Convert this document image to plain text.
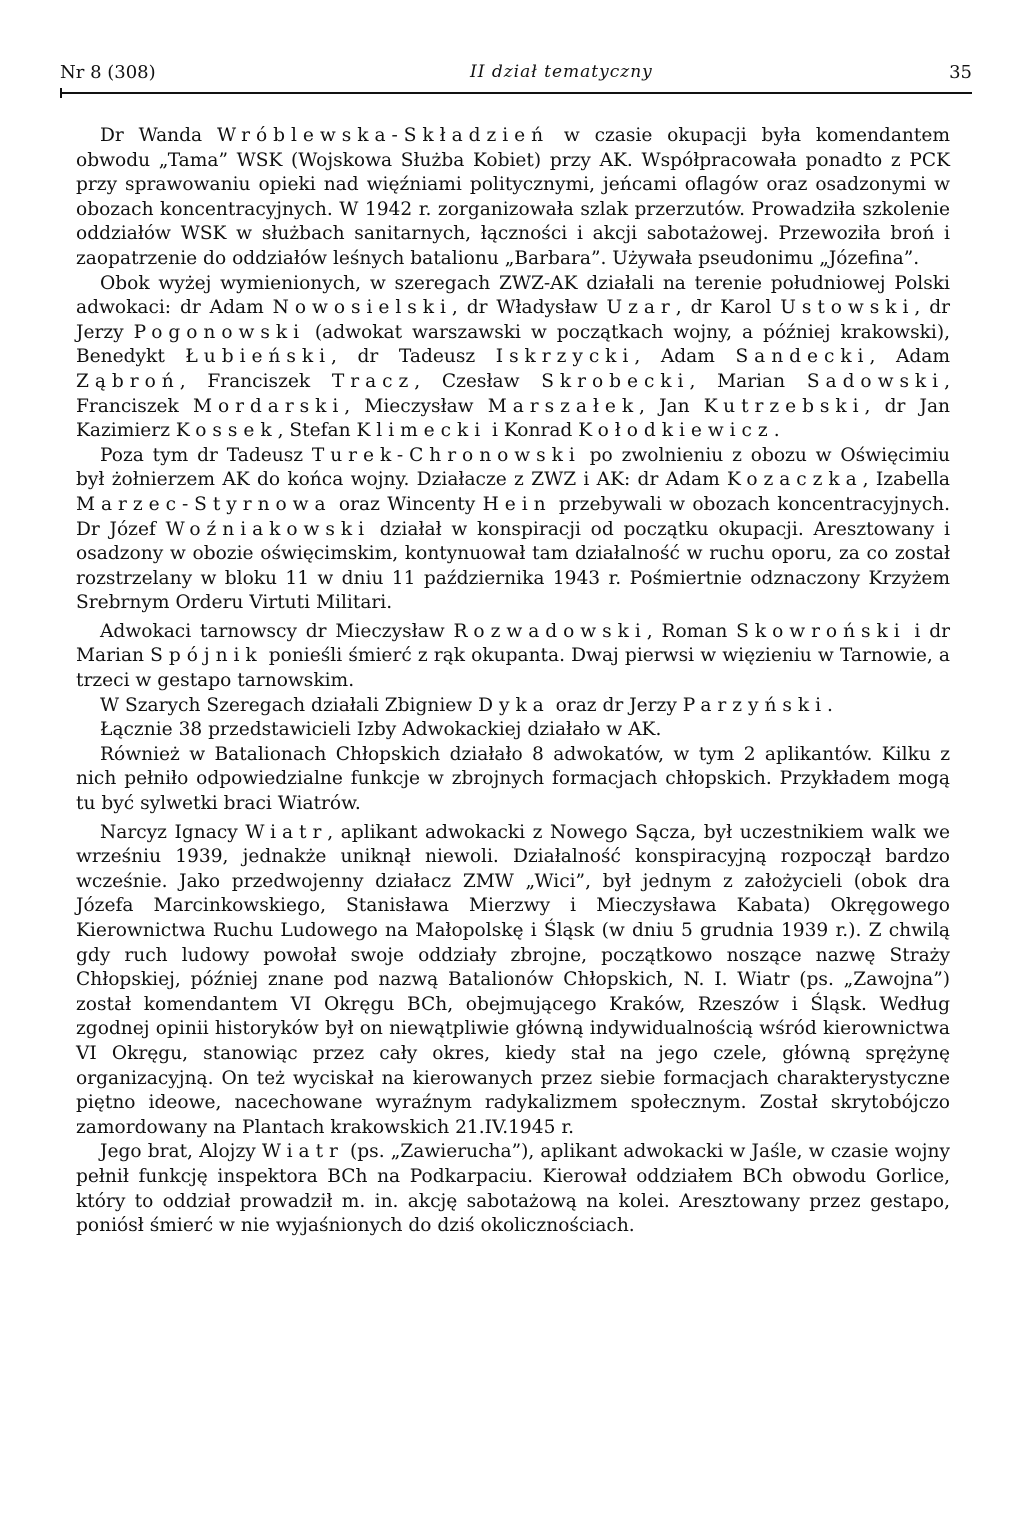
Nr 8 (308)	II dział tematyczny	35

Dr Wanda Wróblewska-Składzień w czasie okupacji była komendantem obwodu „Tama” WSK (Wojskowa Służba Kobiet) przy AK. Współpracowała ponadto z PCK przy sprawowaniu opieki nad więźniami politycznymi, jeńcami oflagów oraz osadzonymi w obozach koncentracyjnych. W 1942 r. zorganizowała szlak przerzutów. Prowadziła szkolenie oddziałów WSK w służbach sanitarnych, łączności i akcji sabotażowej. Przewoziła broń i zaopatrzenie do oddziałów leśnych batalionu „Barbara”. Używała pseudonimu „Józefina”.

Obok wyżej wymienionych, w szeregach ZWZ-AK działali na terenie południowej Polski adwokaci: dr Adam Nowosielski, dr Władysław Uzar, dr Karol Ustowski, dr Jerzy Pogonowski (adwokat warszawski w początkach wojny, a później krakowski), Benedykt Łubieński, dr Tadeusz Iskrzycki, Adam Sandecki, Adam Ząbroń, Franciszek Tracz, Czesław Skrobecki, Marian Sadowski, Franciszek Mordarski, Mieczysław Marszałek, Jan Kutrzebski, dr Jan Kazimierz Kossek, Stefan Klimecki i Konrad Kołodkiewicz.

Poza tym dr Tadeusz Turek-Chronowski po zwolnieniu z obozu w Oświęcimiu był żołnierzem AK do końca wojny. Działacze z ZWZ i AK: dr Adam Kozaczka, Izabella Marzec-Styrnowa oraz Wincenty Hein przebywali w obozach koncentracyjnych. Dr Józef Woźniakowski działał w konspiracji od początku okupacji. Aresztowany i osadzony w obozie oświęcimskim, kontynuował tam działalność w ruchu oporu, za co został rozstrzelany w bloku 11 w dniu 11 października 1943 r. Pośmiertnie odznaczony Krzyżem Srebrnym Orderu Virtuti Militari.

Adwokaci tarnowscy dr Mieczysław Rozwadowski, Roman Skowroński i dr Marian Spójnik ponieśli śmierć z rąk okupanta. Dwaj pierwsi w więzieniu w Tarnowie, a trzeci w gestapo tarnowskim.

W Szarych Szeregach działali Zbigniew Dyka oraz dr Jerzy Parzyński.

Łącznie 38 przedstawicieli Izby Adwokackiej działało w AK.

Również w Batalionach Chłopskich działało 8 adwokatów, w tym 2 aplikantów. Kilku z nich pełniło odpowiedzialne funkcje w zbrojnych formacjach chłopskich. Przykładem mogą tu być sylwetki braci Wiatrów.

Narcyz Ignacy Wiatr, aplikant adwokacki z Nowego Sącza, był uczestnikiem walk we wrześniu 1939, jednakże uniknął niewoli. Działalność konspiracyjną rozpoczął bardzo wcześnie. Jako przedwojenny działacz ZMW „Wici”, był jednym z założycieli (obok dra Józefa Marcinkowskiego, Stanisława Mierzwy i Mieczysława Kabata) Okręgowego Kierownictwa Ruchu Ludowego na Małopolskę i Śląsk (w dniu 5 grudnia 1939 r.). Z chwilą gdy ruch ludowy powołał swoje oddziały zbrojne, początkowo noszące nazwę Straży Chłopskiej, później znane pod nazwą Batalionów Chłopskich, N. I. Wiatr (ps. „Zawojna”) został komendantem VI Okręgu BCh, obejmującego Kraków, Rzeszów i Śląsk. Według zgodnej opinii historyków był on niewątpliwie główną indywidualnością wśród kierownictwa VI Okręgu, stanowiąc przez cały okres, kiedy stał na jego czele, główną sprężynę organizacyjną. On też wyciskał na kierowanych przez siebie formacjach charakterystyczne piętno ideowe, nacechowane wyraźnym radykalizmem społecznym. Został skrytobójczo zamordowany na Plantach krakowskich 21.IV.1945 r.

Jego brat, Alojzy Wiatr (ps. „Zawierucha”), aplikant adwokacki w Jaśle, w czasie wojny pełnił funkcję inspektora BCh na Podkarpaciu. Kierował oddziałem BCh obwodu Gorlice, który to oddział prowadził m. in. akcję sabotażową na kolei. Aresztowany przez gestapo, poniósł śmierć w nie wyjaśnionych do dziś okolicznościach.
